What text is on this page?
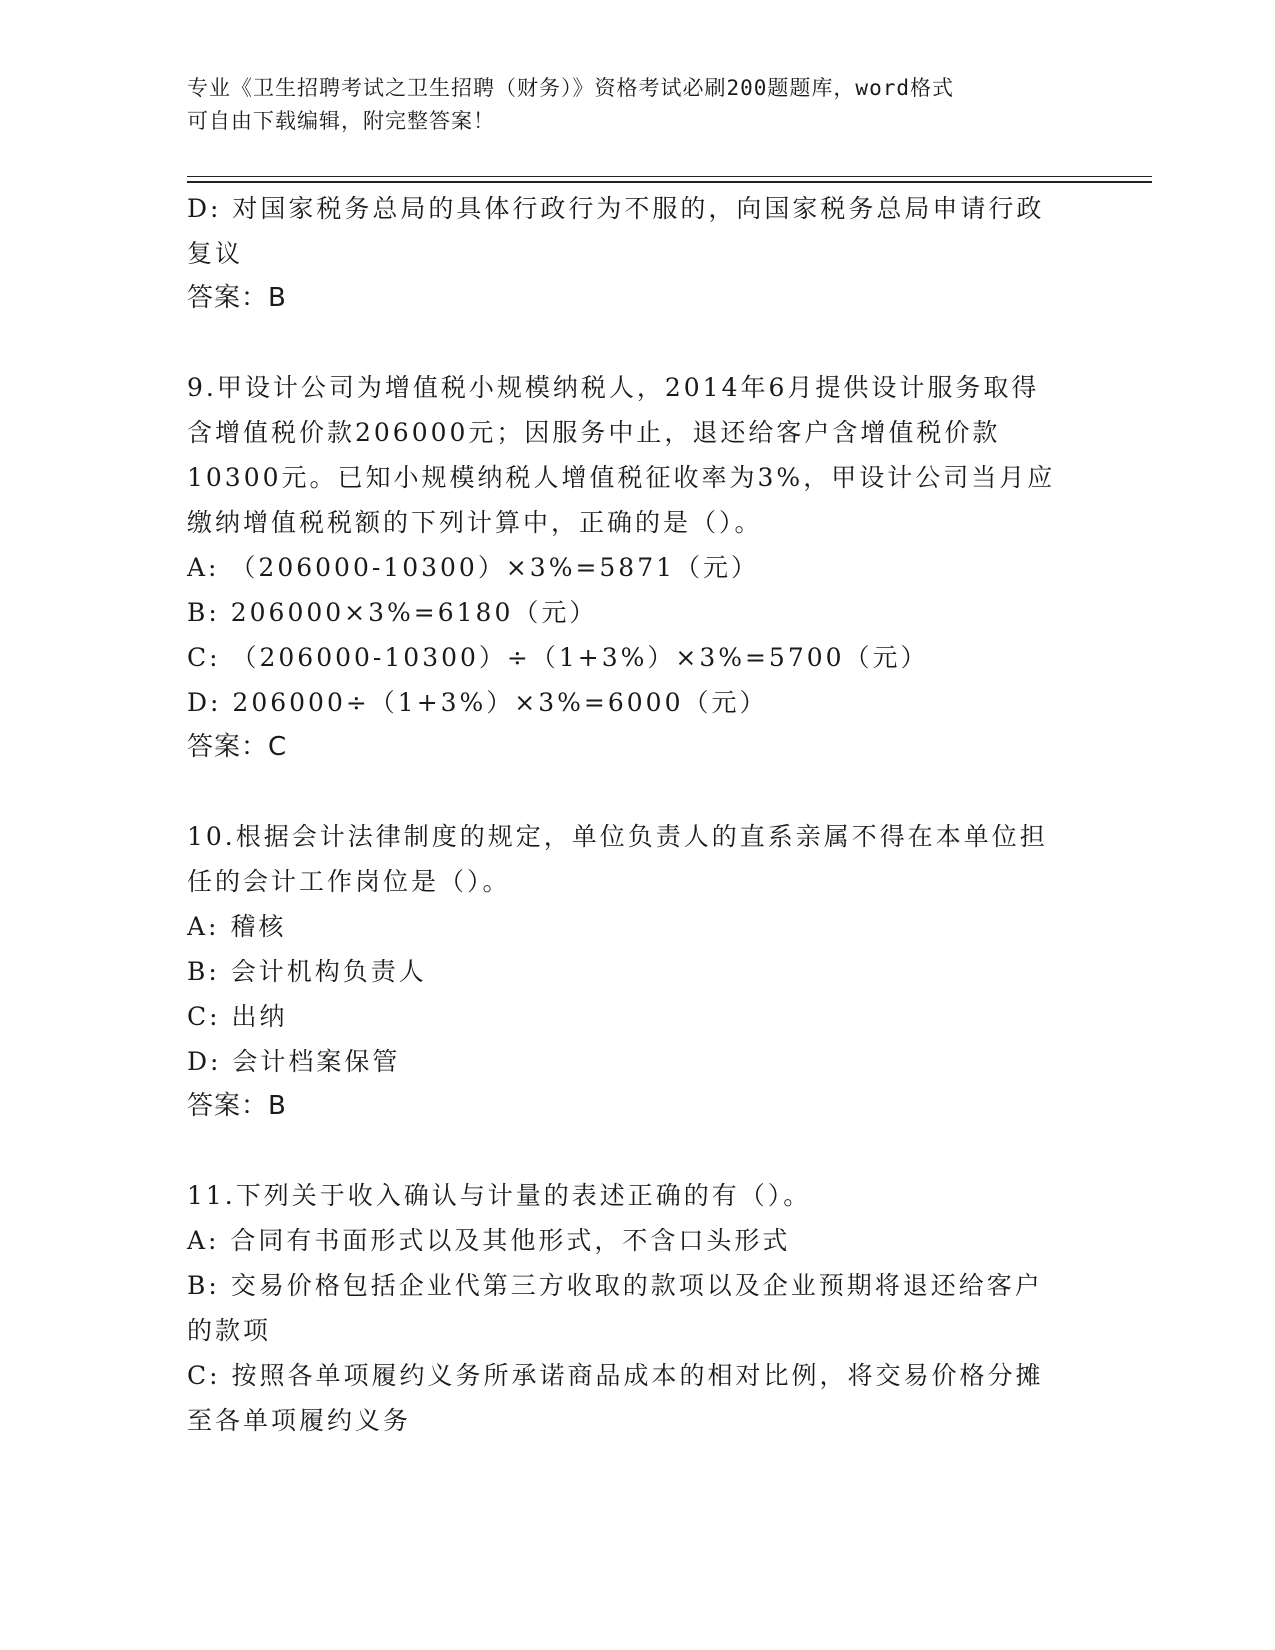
专业《卫生招聘考试之卫生招聘（财务）》资格考试必刷200题题库，word格式

可自由下载编辑，附完整答案！

D: 对国家税务总局的具体行政行为不服的，向国家税务总局申请行政

复议

答案：B

9.甲设计公司为增值税小规模纳税人，2014年6月提供设计服务取得

含增值税价款206000元；因服务中止，退还给客户含增值税价款

10300元。已知小规模纳税人增值税征收率为3%，甲设计公司当月应

缴纳增值税税额的下列计算中，正确的是（）。

A: （206000-10300）×3%=5871（元）

B: 206000×3%=6180（元）

C: （206000-10300）÷（1+3%）×3%=5700（元）

D: 206000÷（1+3%）×3%=6000（元）

答案：C

10.根据会计法律制度的规定，单位负责人的直系亲属不得在本单位担

任的会计工作岗位是（）。

A: 稽核

B: 会计机构负责人

C: 出纳

D: 会计档案保管

答案：B

11.下列关于收入确认与计量的表述正确的有（）。

A: 合同有书面形式以及其他形式，不含口头形式

B: 交易价格包括企业代第三方收取的款项以及企业预期将退还给客户

的款项

C: 按照各单项履约义务所承诺商品成本的相对比例，将交易价格分摊

至各单项履约义务
